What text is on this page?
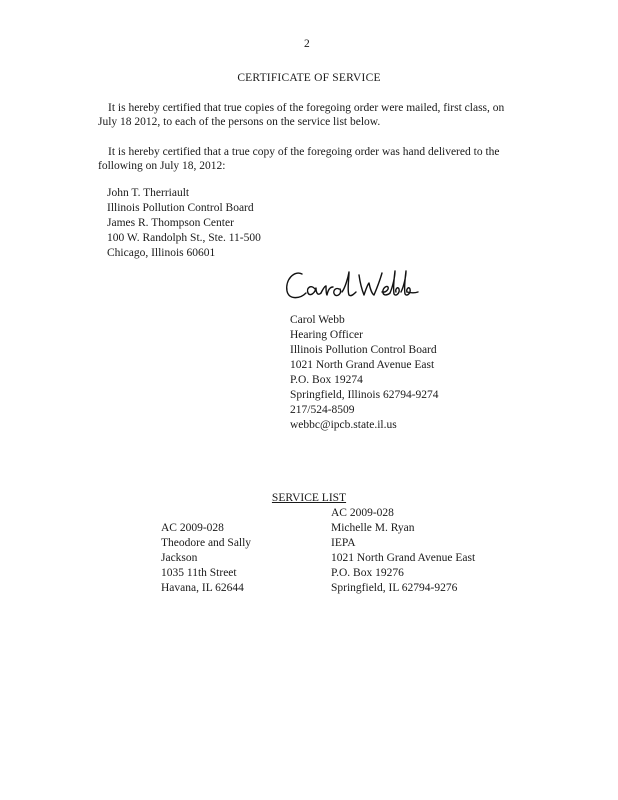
2
CERTIFICATE OF SERVICE

It is hereby certified that true copies of the foregoing order were mailed, first class, on

July 18 2012, to each of the persons on the service list below.

It is hereby certified that a true copy of the foregoing order was hand delivered to the

following on July 18, 2012:

John T. Therriault
Illinois Pollution Control Board
James R. Thompson Center
100 W. Randolph St., Ste. 11-500
Chicago, Illinois 60601
Carol Webb
Hearing Officer
Illinois Pollution Control Board
1021 North Grand Avenue East
P.O. Box 19274
Springfield, Illinois 62794-9274
217/524-8509
webbc@ipcb.state.il.us
SERVICE LIST
AC 2009-028
Theodore and Sally
Jackson
1035 11th Street
Havana, IL 62644
AC 2009-028
Michelle M. Ryan
IEPA
1021 North Grand Avenue East
P.O. Box 19276
Springfield, IL 62794-9276
